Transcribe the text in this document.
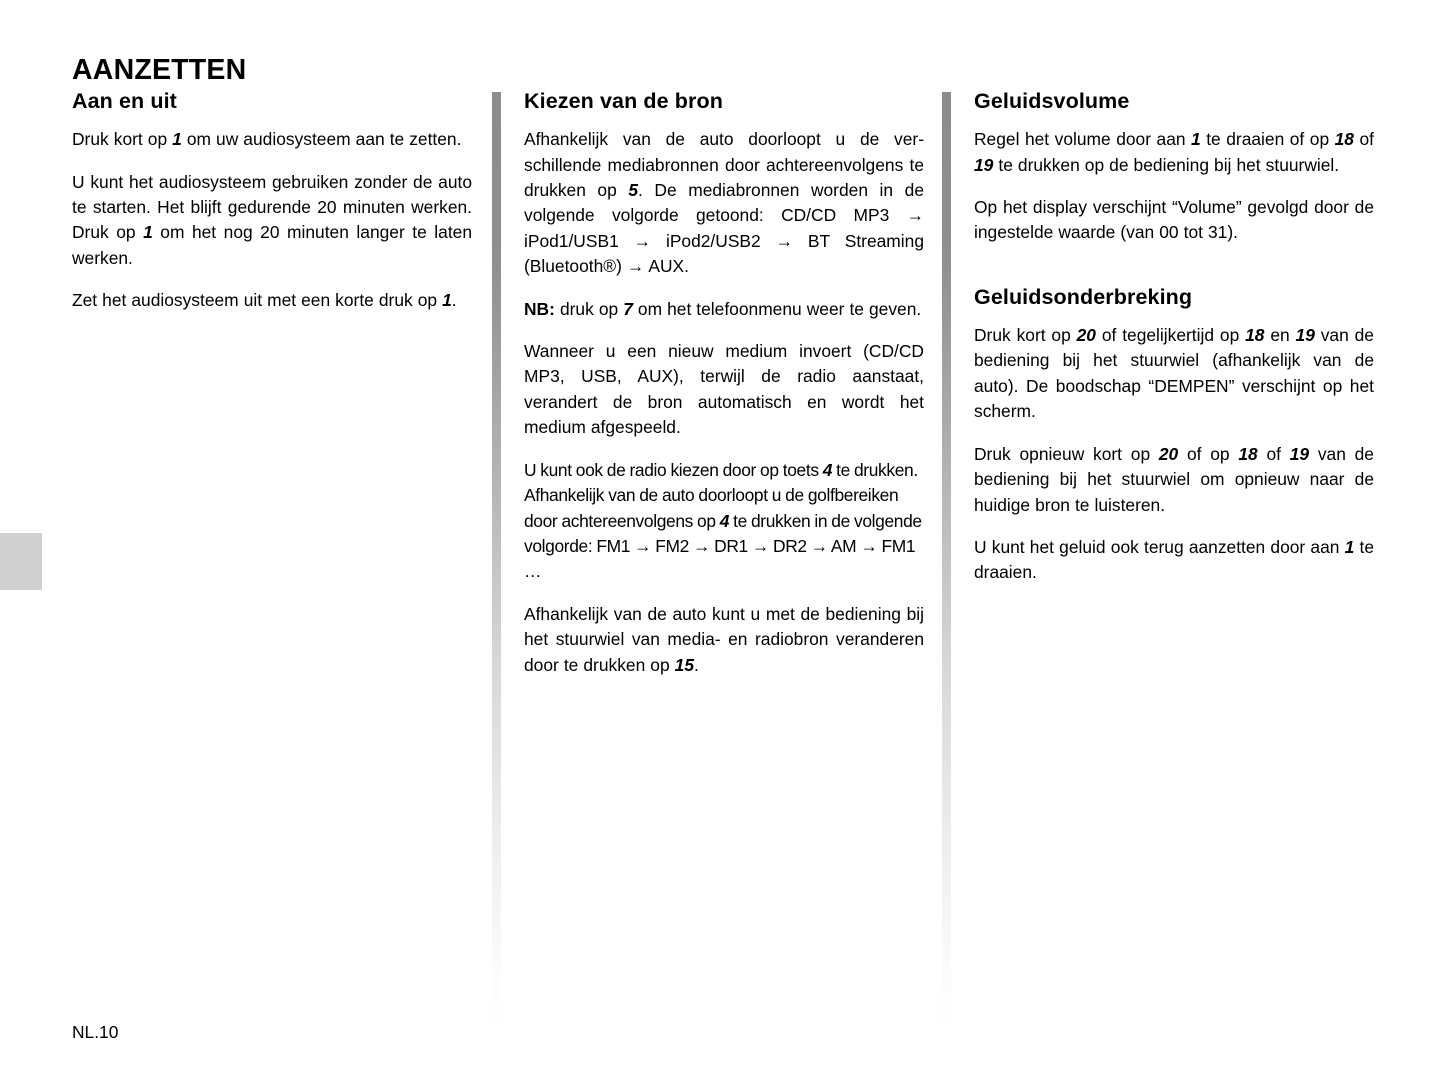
AANZETTEN
Aan en uit

Druk kort op 1 om uw audiosysteem aan te zetten.

U kunt het audiosysteem gebruiken zonder de auto te starten. Het blijft gedurende 20 minuten werken. Druk op 1 om het nog 20 minuten langer te laten werken.

Zet het audiosysteem uit met een korte druk op 1.

Kiezen van de bron

Afhankelijk van de auto doorloopt u de verschillende mediabronnen door achtereenvolgens te drukken op 5. De mediabronnen worden in de volgende volgorde getoond: CD/CD MP3 → iPod1/USB1 → iPod2/USB2 → BT Streaming (Bluetooth®) → AUX.

NB: druk op 7 om het telefoonmenu weer te geven.

Wanneer u een nieuw medium invoert (CD/CD MP3, USB, AUX), terwijl de radio aanstaat, verandert de bron automatisch en wordt het medium afgespeeld.

U kunt ook de radio kiezen door op toets 4 te drukken. Afhankelijk van de auto doorloopt u de golfbereiken door achtereenvolgens op 4 te drukken in de volgende volgorde: FM1 → FM2 → DR1 → DR2 → AM → FM1 …

Afhankelijk van de auto kunt u met de bediening bij het stuurwiel van media- en radiobron veranderen door te drukken op 15.

Geluidsvolume

Regel het volume door aan 1 te draaien of op 18 of 19 te drukken op de bediening bij het stuurwiel.

Op het display verschijnt “Volume” gevolgd door de ingestelde waarde (van 00 tot 31).

Geluidsonderbreking

Druk kort op 20 of tegelijkertijd op 18 en 19 van de bediening bij het stuurwiel (afhankelijk van de auto). De boodschap “DEMPEN” verschijnt op het scherm.

Druk opnieuw kort op 20 of op 18 of 19 van de bediening bij het stuurwiel om opnieuw naar de huidige bron te luisteren.

U kunt het geluid ook terug aanzetten door aan 1 te draaien.

NL.10
